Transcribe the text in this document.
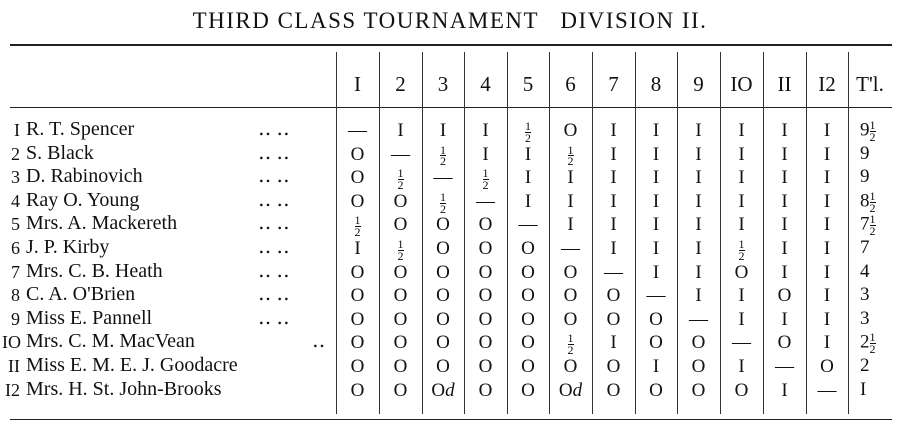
THIRD CLASS TOURNAMENT   DIVISION II.
I	2	3	4	5	6	7	8	9	IO	II	I2 T'l.
I R. T. Spencer	‥ ‥	—	I	I	I	$\frac{1}{2}$	O	I	I	I	I	I	I	$9 \frac{1}{2}$
2 S. Black	‥ ‥	O	—	$\frac{1}{2}$	I	I	$\frac{1}{2}$	I	I	I	I	I	I	9
3 D. Rabinovich	‥ ‥	O	$\frac{1}{2}$	—	$\frac{1}{2}$	I	I	I	I	I	I	I	I	9
4 Ray O. Young	‥ ‥	O	O	$\frac{1}{2}$	—	I	I	I	I	I	I	I	I	$8 \frac{1}{2}$
5 Mrs. A. Mackereth	‥ ‥	$\frac{1}{2}$	O	O	O	—	I	I	I	I	I	I	I	$7 \frac{1}{2}$
6 J. P. Kirby	‥ ‥	I	$\frac{1}{2}$	O	O	O	—	I	I	I	$\frac{1}{2}$	I	I	7
7 Mrs. C. B. Heath	‥ ‥	O	O	O	O	O	O	—	I	I	O	I	I	4
8 C. A. O'Brien	‥ ‥	O	O	O	O	O	O	O	—	I	I	O	I	3
9 Miss E. Pannell	‥ ‥	O	O	O	O	O	O	O	O	—	I	I	I	3
IO Mrs. C. M. MacVean	‥	O	O	O	O	O	$\frac{1}{2}$	I	O	O	—	O	I	$2 \frac{1}{2}$
II Miss E. M. E. J. Goodacre	O	O	O	O	O	O	O	I	O	I	—	O	2
I2 Mrs. H. St. John-Brooks	O	O	Od	O	O	Od	O	O	O	O	I	—	I
